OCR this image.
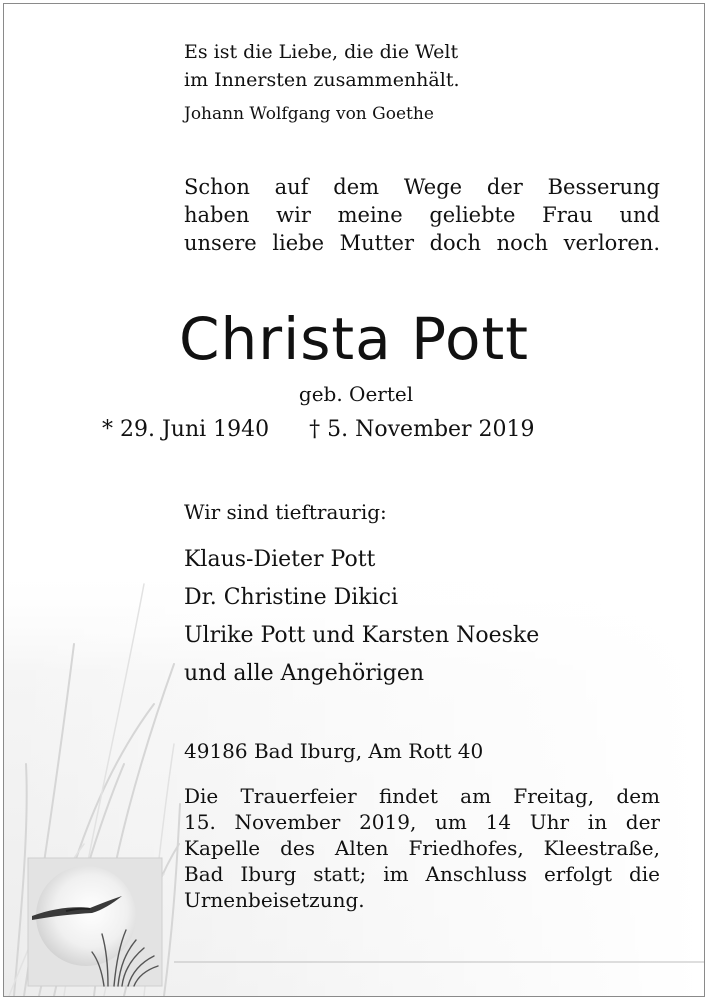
Es ist die Liebe, die die Welt
im Innersten zusammenhält.
Johann Wolfgang von Goethe
Schon auf dem Wege der Besserung
haben wir meine geliebte Frau und
unsere liebe Mutter doch noch verloren.
Christa Pott
geb. Oertel
* 29. Juni 1940 † 5. November 2019
Wir sind tieftraurig:
Klaus-Dieter Pott
Dr. Christine Dikici
Ulrike Pott und Karsten Noeske
und alle Angehörigen
49186 Bad Iburg, Am Rott 40
Die Trauerfeier findet am Freitag, dem
15. November 2019, um 14 Uhr in der
Kapelle des Alten Friedhofes, Kleestraße,
Bad Iburg statt; im Anschluss erfolgt die
Urnenbeisetzung.
